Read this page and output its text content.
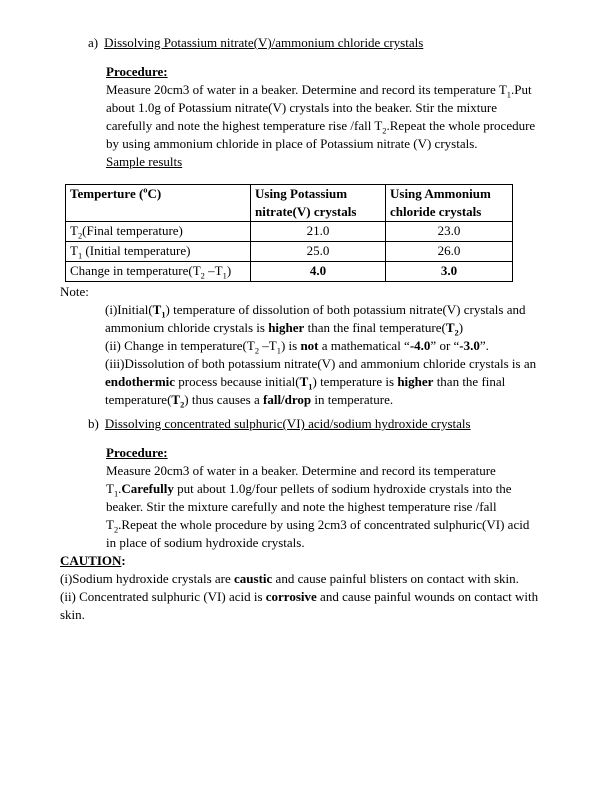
a) Dissolving Potassium nitrate(V)/ammonium chloride crystals
Procedure:
Measure 20cm3 of water in a beaker. Determine and record its temperature $T_1.Put$ about 1.0g of Potassium nitrate(V) crystals into the beaker. Stir the mixture carefully and note the highest temperature rise /fall $T_2.Repeat$ the whole procedure by using ammonium chloride in place of Potassium nitrate (V) crystals.
Sample results
Temperture ($^o$C)	Using Potassium nitrate(V) crystals	Using Ammonium chloride crystals
$T_2(Final$ temperature)	21.0	23.0
$T_1$ (Initial temperature)	25.0	26.0
Change in $temperature(T_2$ $-T_1$)	4.0	3.0
Note:
$(i)Initial(T_1)$ temperature of dissolution of both potassium nitrate(V) crystals and ammonium chloride crystals is higher than the final $temperature(T_2)$
(ii) Change in $temperature(T_2$ $-T_1$) is not a mathematical “-4.0” or “-3.0”.
(iii)Dissolution of both potassium nitrate(V) and ammonium chloride crystals is an endothermic process because $initial(T_1)$ temperature is higher than the final $temperature(T_2)$ thus causes a fall/drop in temperature.
b) Dissolving concentrated sulphuric(VI) acid/sodium hydroxide crystals
Procedure:
Measure 20cm3 of water in a beaker. Determine and record its temperature $T_1.Carefully$ put about 1.0g/four pellets of sodium hydroxide crystals into the beaker. Stir the mixture carefully and note the highest temperature rise /fall $T_2.Repeat$ the whole procedure by using 2cm3 of concentrated sulphuric(VI) acid in place of sodium hydroxide crystals.
CAUTION:
(i)Sodium hydroxide crystals are caustic and cause painful blisters on contact with skin.
(ii) Concentrated sulphuric (VI) acid is corrosive and cause painful wounds on contact with skin.
